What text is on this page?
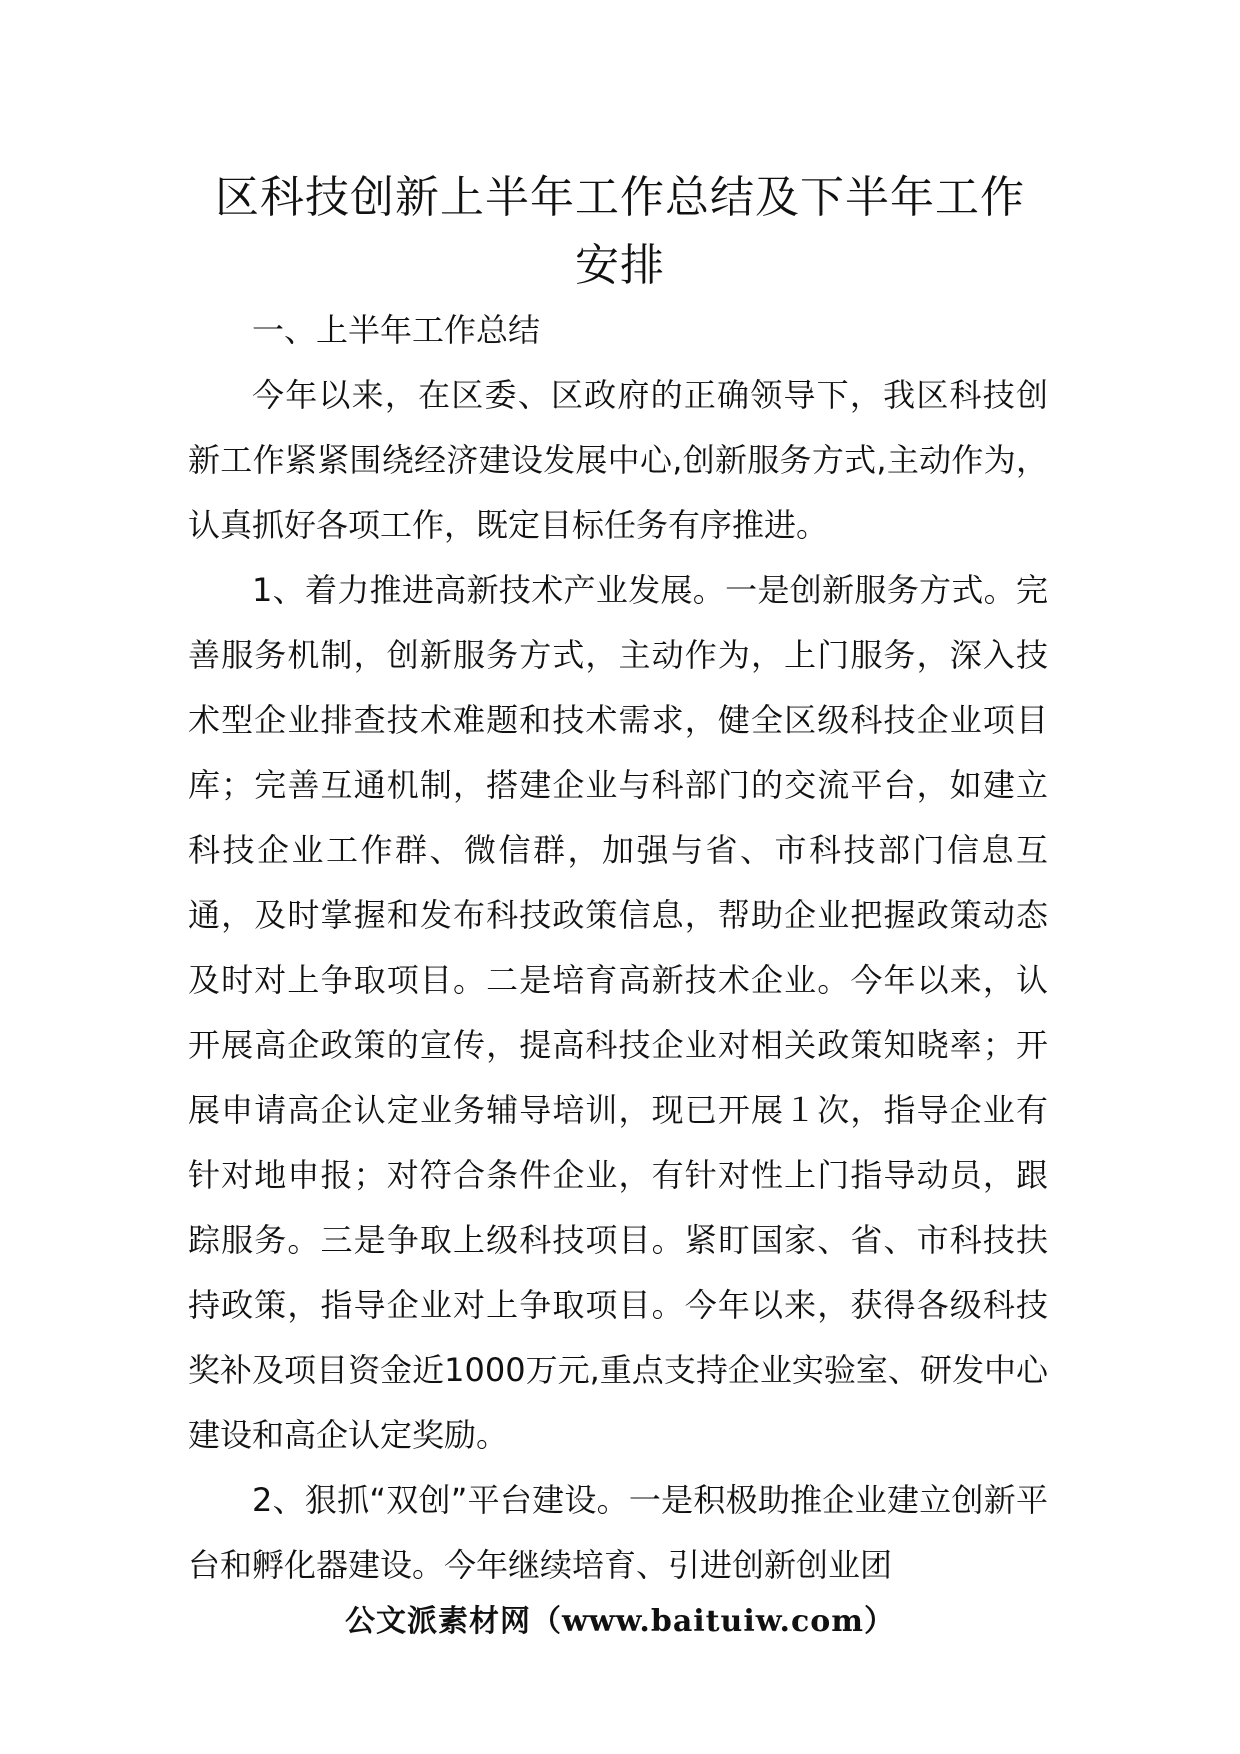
区科技创新上半年工作总结及下半年工作
安排

一、上半年工作总结

今年以来，在区委、区政府的正确领导下，我区科技创新工作紧紧围绕经济建设发展中心,创新服务方式,主动作为，认真抓好各项工作，既定目标任务有序推进。

1、着力推进高新技术产业发展。一是创新服务方式。完善服务机制，创新服务方式，主动作为，上门服务，深入技术型企业排查技术难题和技术需求，健全区级科技企业项目库；完善互通机制，搭建企业与科部门的交流平台，如建立科技企业工作群、微信群，加强与省、市科技部门信息互通，及时掌握和发布科技政策信息，帮助企业把握政策动态及时对上争取项目。二是培育高新技术企业。今年以来，认开展高企政策的宣传，提高科技企业对相关政策知晓率；开展申请高企认定业务辅导培训，现已开展１次，指导企业有针对地申报；对符合条件企业，有针对性上门指导动员，跟踪服务。三是争取上级科技项目。紧盯国家、省、市科技扶持政策，指导企业对上争取项目。今年以来，获得各级科技奖补及项目资金近1000万元,重点支持企业实验室、研发中心建设和高企认定奖励。

2、狠抓“双创”平台建设。一是积极助推企业建立创新平台和孵化器建设。今年继续培育、引进创新创业团

公文派素材网（www.baituiw.com）
